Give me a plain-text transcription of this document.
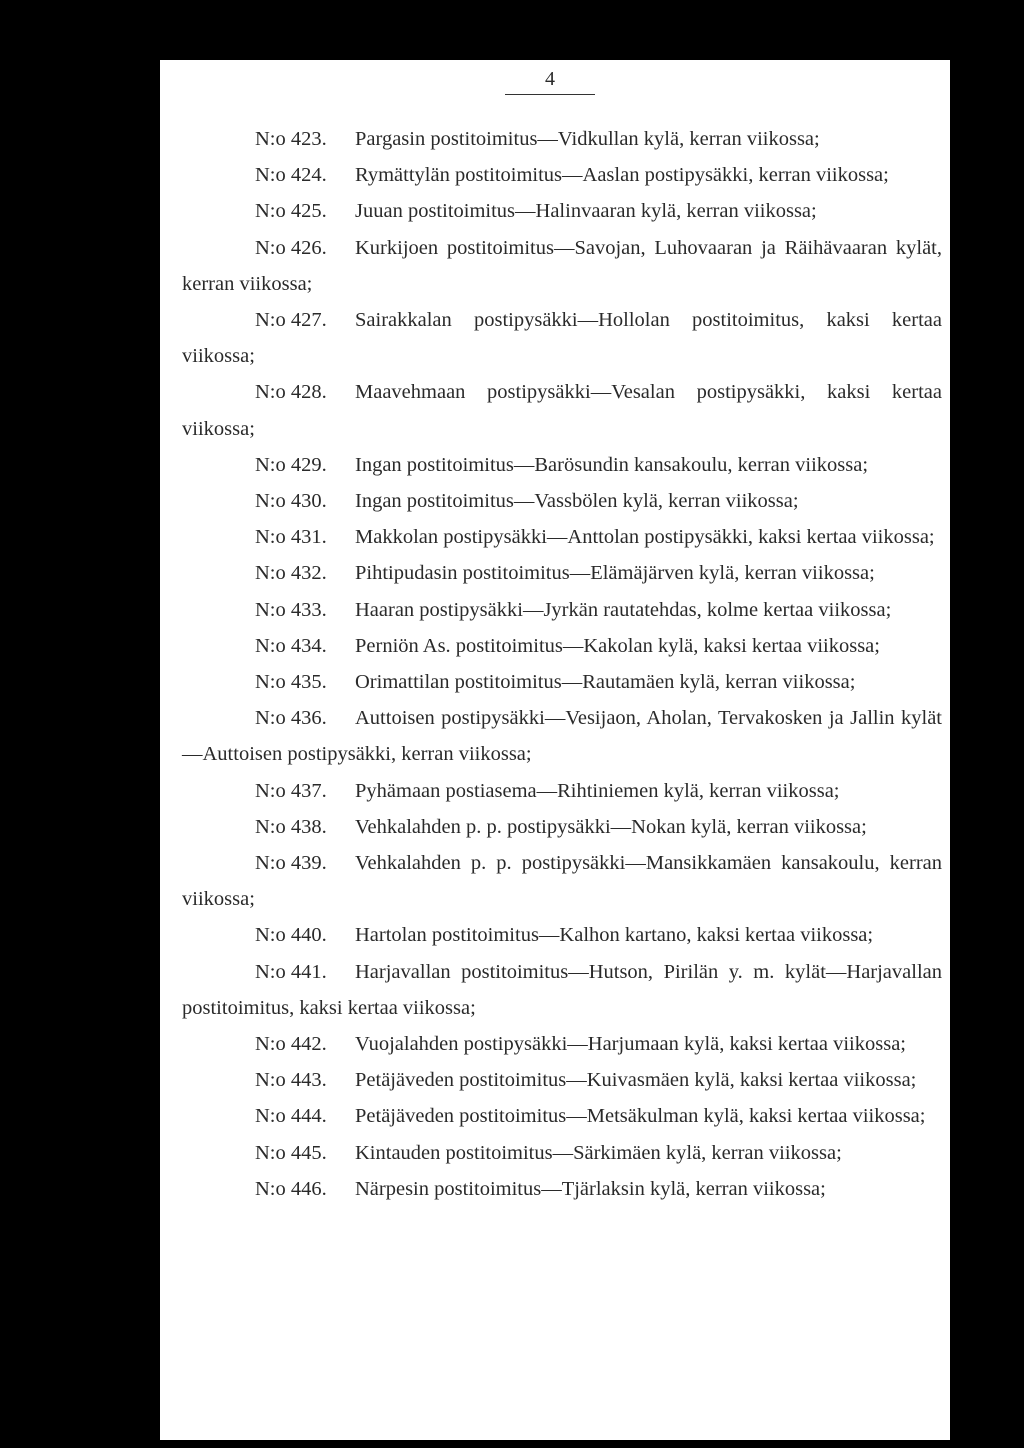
4

N:o 423. Pargasin postitoimitus—Vidkullan kylä, kerran viikossa;

N:o 424. Rymättylän postitoimitus—Aaslan postipysäkki, kerran viikossa;

N:o 425. Juuan postitoimitus—Halinvaaran kylä, kerran viikossa;

N:o 426. Kurkijoen postitoimitus—Savojan, Luhovaaran ja Räihävaaran kylät, kerran viikossa;

N:o 427. Sairakkalan postipysäkki—Hollolan postitoimitus, kaksi kertaa viikossa;

N:o 428. Maavehmaan postipysäkki—Vesalan postipysäkki, kaksi kertaa viikossa;

N:o 429. Ingan postitoimitus—Barösundin kansakoulu, kerran viikossa;

N:o 430. Ingan postitoimitus—Vassbölen kylä, kerran viikossa;

N:o 431. Makkolan postipysäkki—Anttolan postipysäkki, kaksi kertaa viikossa;

N:o 432. Pihtipudasin postitoimitus—Elämäjärven kylä, kerran viikossa;

N:o 433. Haaran postipysäkki—Jyrkän rautatehdas, kolme kertaa viikossa;

N:o 434. Perniön As. postitoimitus—Kakolan kylä, kaksi kertaa viikossa;

N:o 435. Orimattilan postitoimitus—Rautamäen kylä, kerran viikossa;

N:o 436. Auttoisen postipysäkki—Vesijaon, Aholan, Tervakosken ja Jallin kylät—Auttoisen postipysäkki, kerran viikossa;

N:o 437. Pyhämaan postiasema—Rihtiniemen kylä, kerran viikossa;

N:o 438. Vehkalahden p. p. postipysäkki—Nokan kylä, kerran viikossa;

N:o 439. Vehkalahden p. p. postipysäkki—Mansikkamäen kansakoulu, kerran viikossa;

N:o 440. Hartolan postitoimitus—Kalhon kartano, kaksi kertaa viikossa;

N:o 441. Harjavallan postitoimitus—Hutson, Pirilän y. m. kylät—Harjavallan postitoimitus, kaksi kertaa viikossa;

N:o 442. Vuojalahden postipysäkki—Harjumaan kylä, kaksi kertaa viikossa;

N:o 443. Petäjäveden postitoimitus—Kuivasmäen kylä, kaksi kertaa viikossa;

N:o 444. Petäjäveden postitoimitus—Metsäkulman kylä, kaksi kertaa viikossa;

N:o 445. Kintauden postitoimitus—Särkimäen kylä, kerran viikossa;

N:o 446. Närpesin postitoimitus—Tjärlaksin kylä, kerran viikossa;
